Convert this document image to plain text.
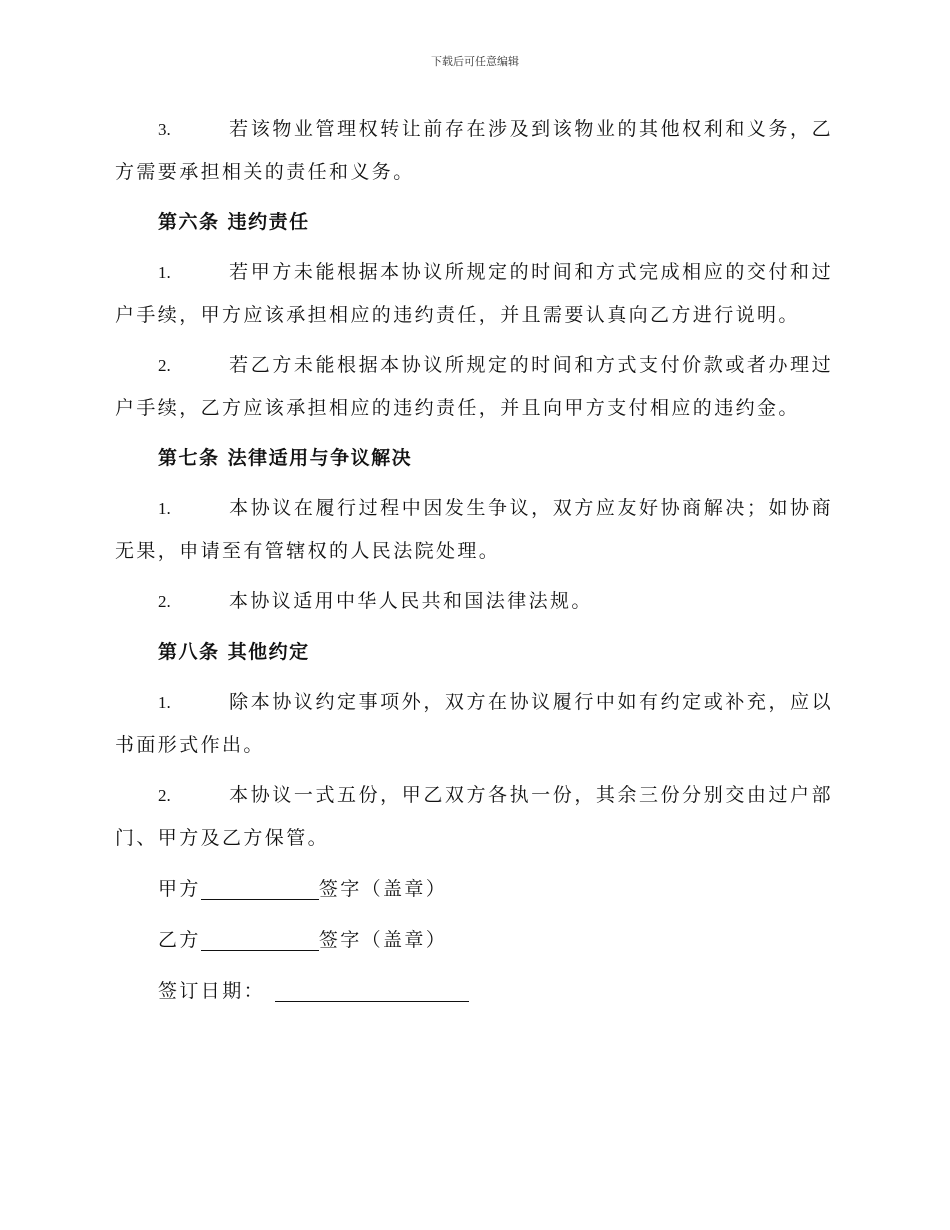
下载后可任意编辑

3.	若该物业管理权转让前存在涉及到该物业的其他权利和义务，乙方需要承担相关的责任和义务。

第六条 违约责任

1.	若甲方未能根据本协议所规定的时间和方式完成相应的交付和过户手续，甲方应该承担相应的违约责任，并且需要认真向乙方进行说明。

2.	若乙方未能根据本协议所规定的时间和方式支付价款或者办理过户手续，乙方应该承担相应的违约责任，并且向甲方支付相应的违约金。

第七条 法律适用与争议解决

1.	本协议在履行过程中因发生争议，双方应友好协商解决；如协商无果，申请至有管辖权的人民法院处理。

2.	本协议适用中华人民共和国法律法规。

第八条 其他约定

1.	除本协议约定事项外，双方在协议履行中如有约定或补充，应以书面形式作出。

2.	本协议一式五份，甲乙双方各执一份，其余三份分别交由过户部门、甲方及乙方保管。

甲方	签字（盖章）
乙方	签字（盖章）
签订日期：
